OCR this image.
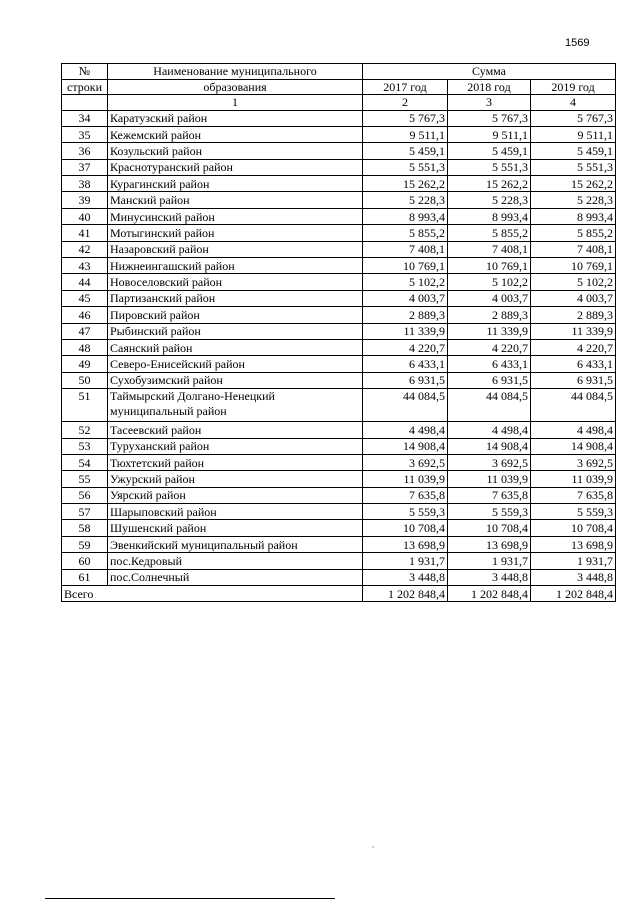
1569
№	Наименование муниципального	Сумма		
строки	образования	2017 год	2018 год	2019 год
	1	2	3	4
34	Каратузский район	5 767,3	5 767,3	5 767,3
35	Кежемский район	9 511,1	9 511,1	9 511,1
36	Козульский район	5 459,1	5 459,1	5 459,1
37	Краснотуранский район	5 551,3	5 551,3	5 551,3
38	Курагинский район	15 262,2	15 262,2	15 262,2
39	Манский район	5 228,3	5 228,3	5 228,3
40	Минусинский район	8 993,4	8 993,4	8 993,4
41	Мотыгинский район	5 855,2	5 855,2	5 855,2
42	Назаровский район	7 408,1	7 408,1	7 408,1
43	Нижнеингашский район	10 769,1	10 769,1	10 769,1
44	Новоселовский район	5 102,2	5 102,2	5 102,2
45	Партизанский район	4 003,7	4 003,7	4 003,7
46	Пировский район	2 889,3	2 889,3	2 889,3
47	Рыбинский район	11 339,9	11 339,9	11 339,9
48	Саянский район	4 220,7	4 220,7	4 220,7
49	Северо-Енисейский район	6 433,1	6 433,1	6 433,1
50	Сухобузимский район	6 931,5	6 931,5	6 931,5
51	Таймырский Долгано-Ненецкий муниципальный район	44 084,5	44 084,5	44 084,5
52	Тасеевский район	4 498,4	4 498,4	4 498,4
53	Туруханский район	14 908,4	14 908,4	14 908,4
54	Тюхтетский район	3 692,5	3 692,5	3 692,5
55	Ужурский район	11 039,9	11 039,9	11 039,9
56	Уярский район	7 635,8	7 635,8	7 635,8
57	Шарыповский район	5 559,3	5 559,3	5 559,3
58	Шушенский район	10 708,4	10 708,4	10 708,4
59	Эвенкийский муниципальный район	13 698,9	13 698,9	13 698,9
60	пос.Кедровый	1 931,7	1 931,7	1 931,7
61	пос.Солнечный	3 448,8	3 448,8	3 448,8
Всего		1 202 848,4	1 202 848,4	1 202 848,4
